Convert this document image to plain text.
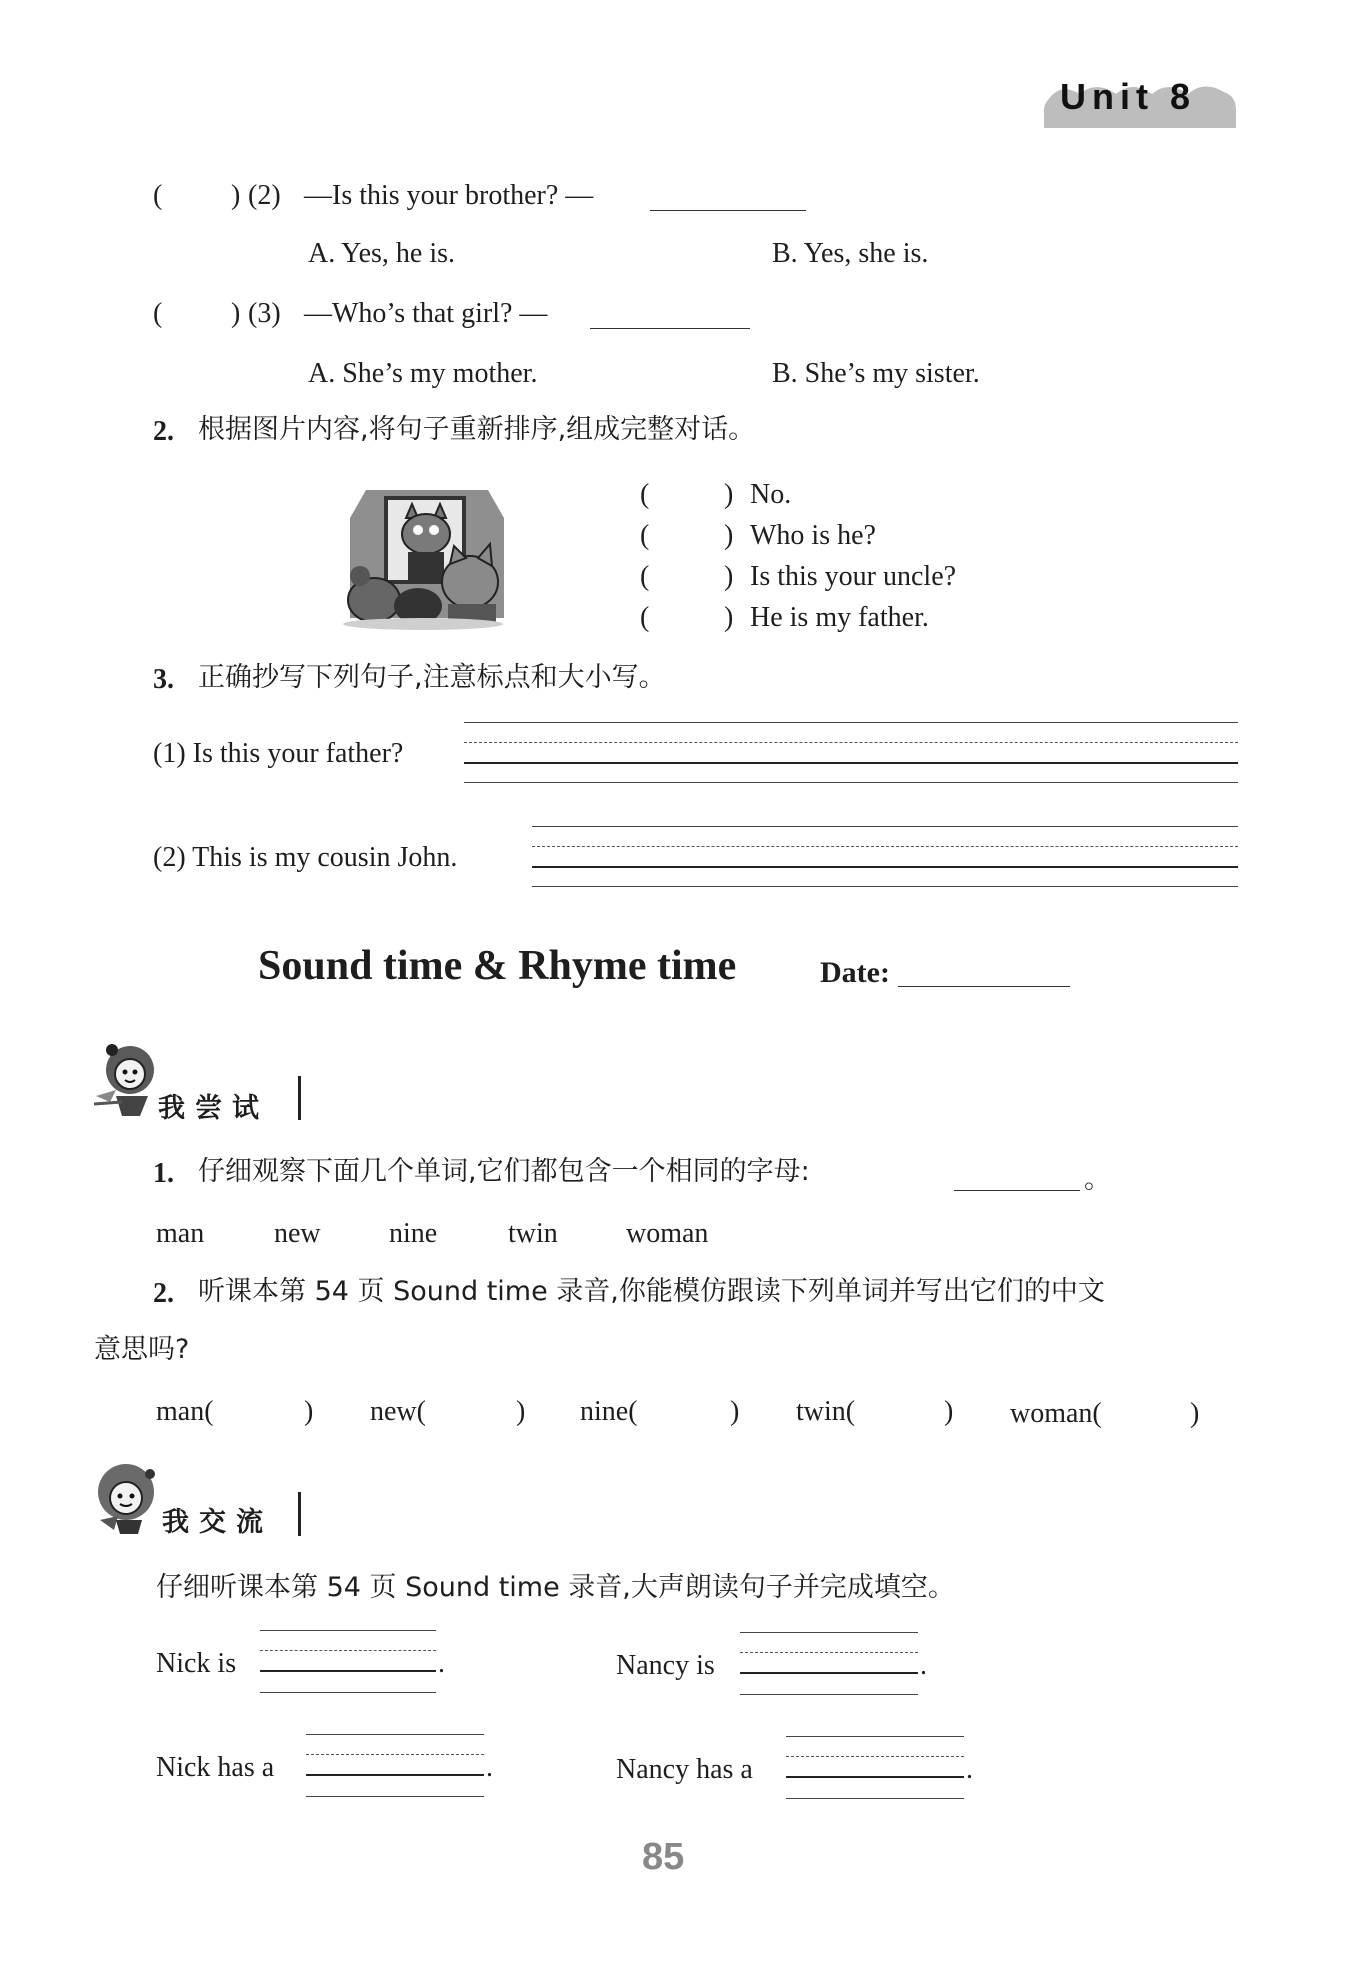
Unit 8
( ) (2) —Is this your brother? —
A. Yes, he is.	B. Yes, she is.
( ) (3) —Who’s that girl? —
A. She’s my mother.	B. She’s my sister.
2. 根据图片内容,将句子重新排序,组成完整对话。
(	) No.
(	) Who is he?
(	) Is this your uncle?
(	) He is my father.
3. 正确抄写下列句子,注意标点和大小写。
(1) Is this your father?
(2) This is my cousin John.
Sound time & Rhyme time	Date:
我尝试
1. 仔细观察下面几个单词,它们都包含一个相同的字母:	。
man new nine	twin woman
2. 听课本第 54 页 Sound time 录音,你能模仿跟读下列单词并写出它们的中文
意思吗?
man(	) new(	) nine(	) twin(	) woman(	)
我交流
仔细听课本第 54 页 Sound time 录音,大声朗读句子并完成填空。
Nick is	.	Nancy is	.
Nick has a	.	Nancy has a	.
85
